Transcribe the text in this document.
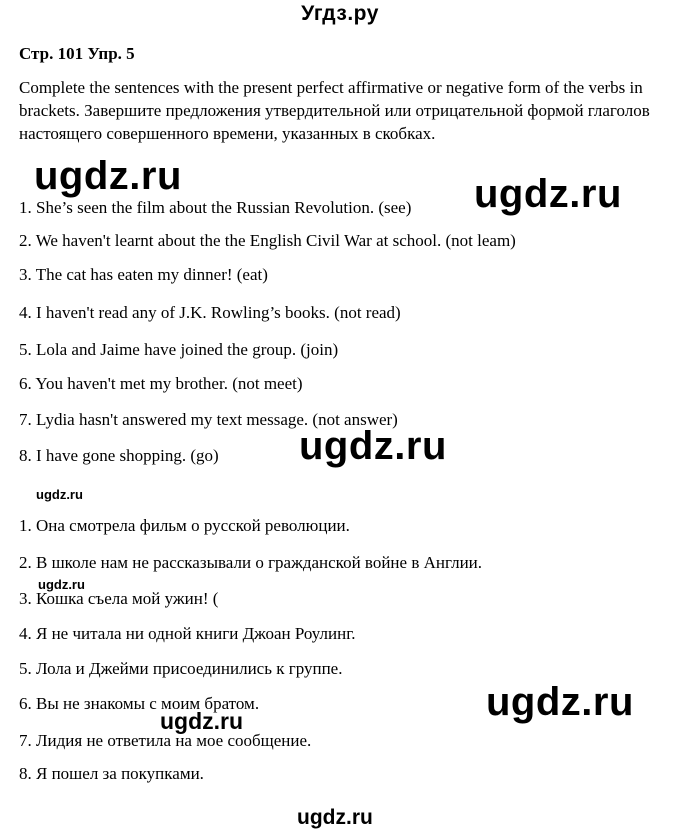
Угдз.ру
Стр. 101 Упр. 5
Complete the sentences with the present perfect affirmative or negative form of the verbs in brackets. Завершите предложения утвердительной или отрицательной формой глаголов настоящего совершенного времени, указанных в скобках.
ugdz.ru	ugdz.ru
1. She’s seen the film about the Russian Revolution. (see)
2. We haven't learnt about the the English Civil War at school. (not leam)
3. The cat has eaten my dinner! (eat)
4. I haven't read any of J.K. Rowling’s books. (not read)
5. Lola and Jaime have joined the group. (join)
6. You haven't met my brother. (not meet)
7. Lydia hasn't answered my text message. (not answer)
ugdz.ru
8. I have gone shopping. (go)
ugdz.ru
1. Она смотрела фильм о русской революции.
2. В школе нам не рассказывали о гражданской войне в Англии.
ugdz.ru
3. Кошка съела мой ужин! (
4. Я не читала ни одной книги Джоан Роулинг.
5. Лола и Джейми присоединились к группе.
ugdz.ru
6. Вы не знакомы с моим братом.
ugdz.ru
7. Лидия не ответила на мое сообщение.
8. Я пошел за покупками.
ugdz.ru
